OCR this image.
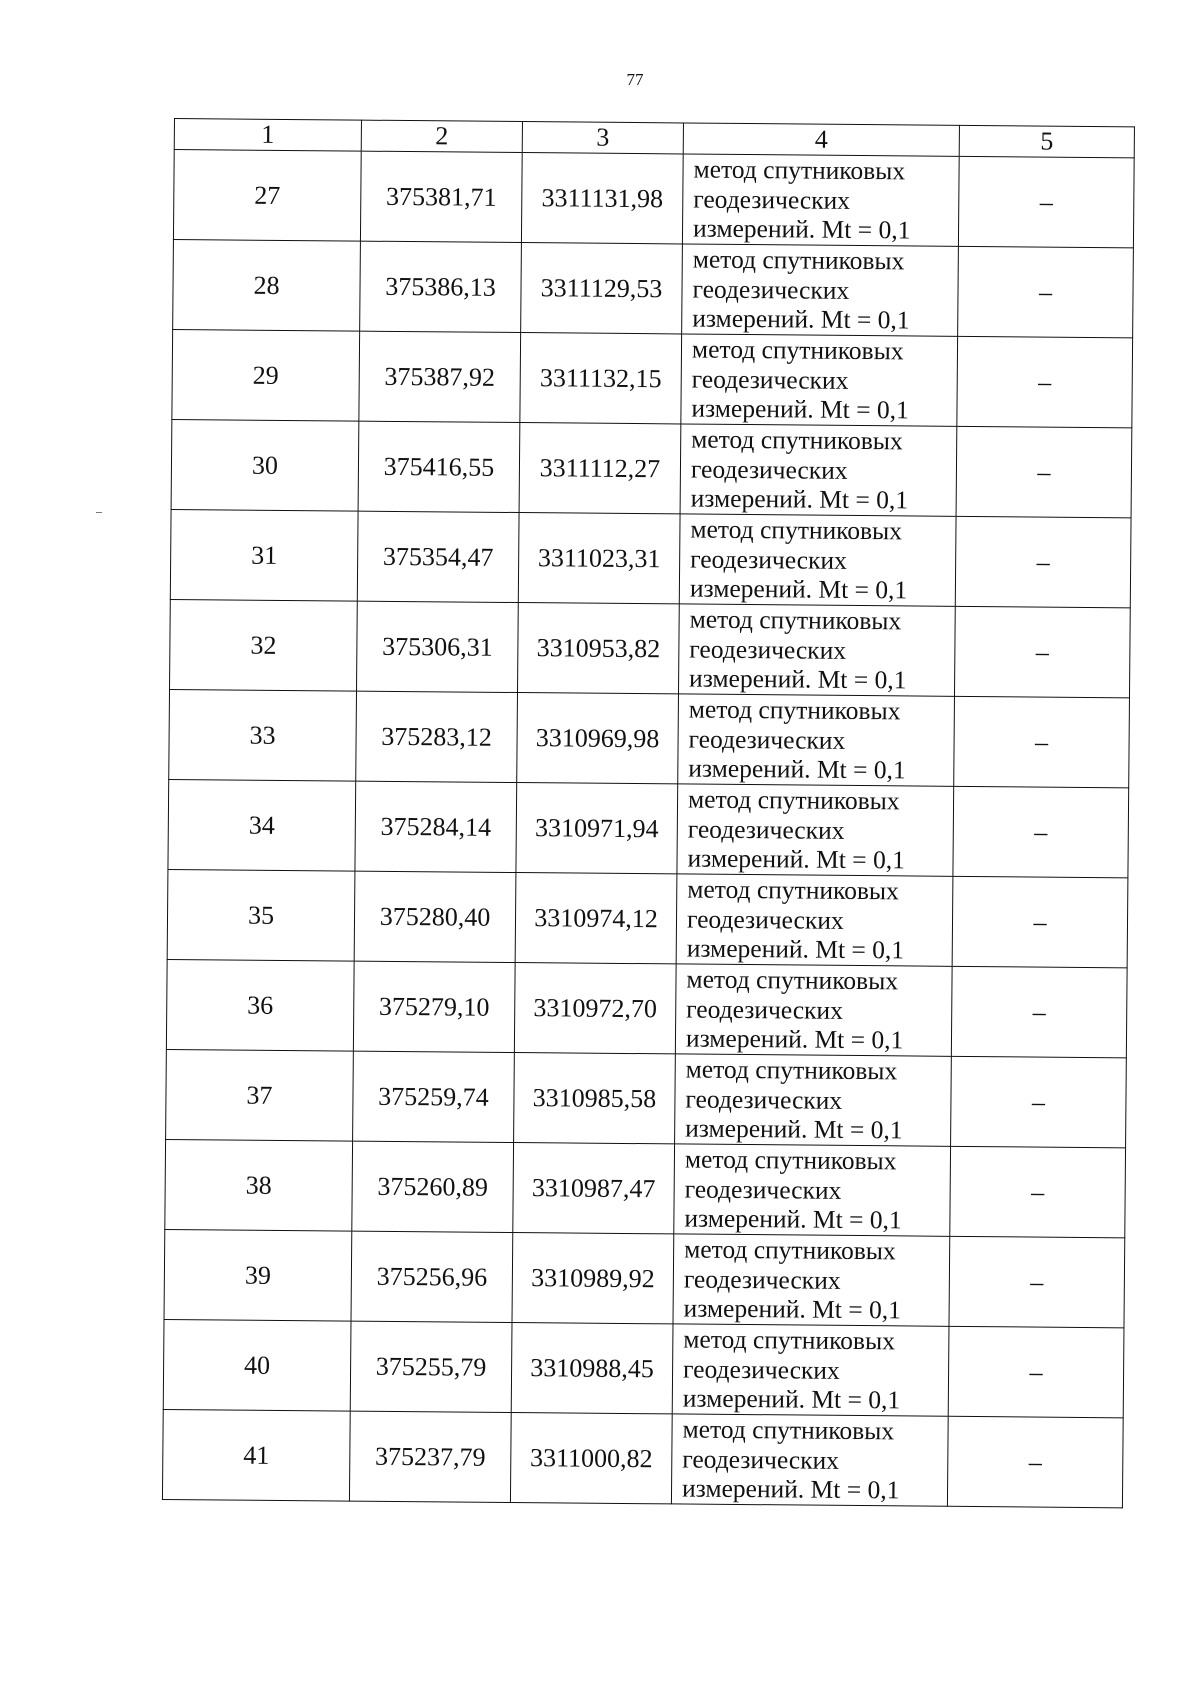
77
1	2	3	4	5
27	375381,71	3311131,98	метод спутниковых
геодезических
измерений. Mt = 0,1	–
28	375386,13	3311129,53	метод спутниковых
геодезических
измерений. Mt = 0,1	–
29	375387,92	3311132,15	метод спутниковых
геодезических
измерений. Mt = 0,1	–
30	375416,55	3311112,27	метод спутниковых
геодезических
измерений. Mt = 0,1	–
31	375354,47	3311023,31	метод спутниковых
геодезических
измерений. Mt = 0,1	–
32	375306,31	3310953,82	метод спутниковых
геодезических
измерений. Mt = 0,1	–
33	375283,12	3310969,98	метод спутниковых
геодезических
измерений. Mt = 0,1	–
34	375284,14	3310971,94	метод спутниковых
геодезических
измерений. Mt = 0,1	–
35	375280,40	3310974,12	метод спутниковых
геодезических
измерений. Mt = 0,1	–
36	375279,10	3310972,70	метод спутниковых
геодезических
измерений. Mt = 0,1	–
37	375259,74	3310985,58	метод спутниковых
геодезических
измерений. Mt = 0,1	–
38	375260,89	3310987,47	метод спутниковых
геодезических
измерений. Mt = 0,1	–
39	375256,96	3310989,92	метод спутниковых
геодезических
измерений. Mt = 0,1	–
40	375255,79	3310988,45	метод спутниковых
геодезических
измерений. Mt = 0,1	–
41	375237,79	3311000,82	метод спутниковых
геодезических
измерений. Mt = 0,1	–
